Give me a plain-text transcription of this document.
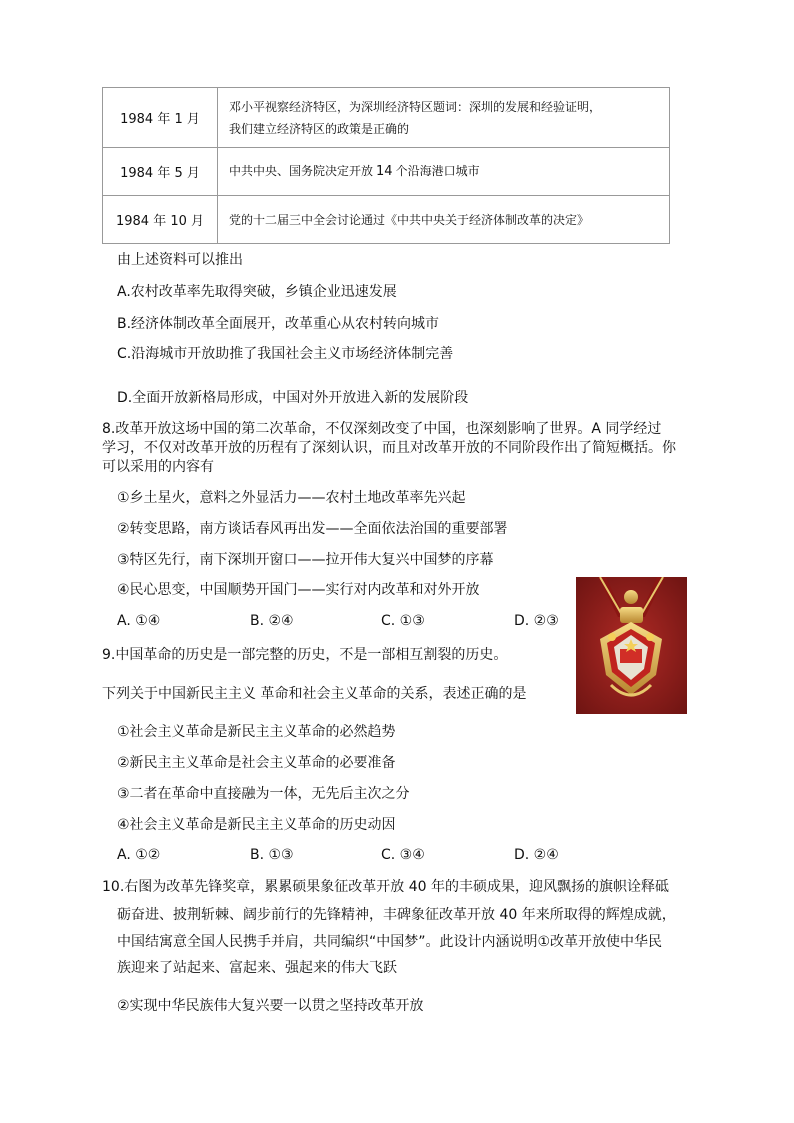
1984 年 1 月	邓小平视察经济特区，为深圳经济特区题词：深圳的发展和经验证明，
我们建立经济特区的政策是正确的

1984 年 5 月	中共中央、国务院决定开放 14 个沿海港口城市
1984 年 10 月	党的十二届三中全会讨论通过《中共中央关于经济体制改革的决定》
由上述资料可以推出
A.农村改革率先取得突破，乡镇企业迅速发展
B.经济体制改革全面展开，改革重心从农村转向城市
C.沿海城市开放助推了我国社会主义市场经济体制完善
D.全面开放新格局形成，中国对外开放进入新的发展阶段
8.改革开放这场中国的第二次革命，不仅深刻改变了中国，也深刻影响了世界。A 同学经过
学习，不仅对改革开放的历程有了深刻认识，而且对改革开放的不同阶段作出了简短概括。你
可以采用的内容有
①乡土星火，意料之外显活力——农村土地改革率先兴起
②转变思路，南方谈话春风再出发——全面依法治国的重要部署
③特区先行，南下深圳开窗口——拉开伟大复兴中国梦的序幕
④民心思变，中国顺势开国门——实行对内改革和对外开放
A. ①④	B. ②④	C. ①③	D. ②③
9.中国革命的历史是一部完整的历史，不是一部相互割裂的历史。
下列关于中国新民主主义 革命和社会主义革命的关系，表述正确的是
①社会主义革命是新民主主义革命的必然趋势
②新民主主义革命是社会主义革命的必要准备
③二者在革命中直接融为一体，无先后主次之分
④社会主义革命是新民主主义革命的历史动因
A. ①②	B. ①③	C. ③④	D. ②④
10.右图为改革先锋奖章，累累硕果象征改革开放 40 年的丰硕成果，迎风飘扬的旗帜诠释砥
砺奋进、披荆斩棘、阔步前行的先锋精神，丰碑象征改革开放 40 年来所取得的辉煌成就，
中国结寓意全国人民携手并肩，共同编织“中国梦”。此设计内涵说明①改革开放使中华民
族迎来了站起来、富起来、强起来的伟大飞跃
②实现中华民族伟大复兴要一以贯之坚持改革开放
